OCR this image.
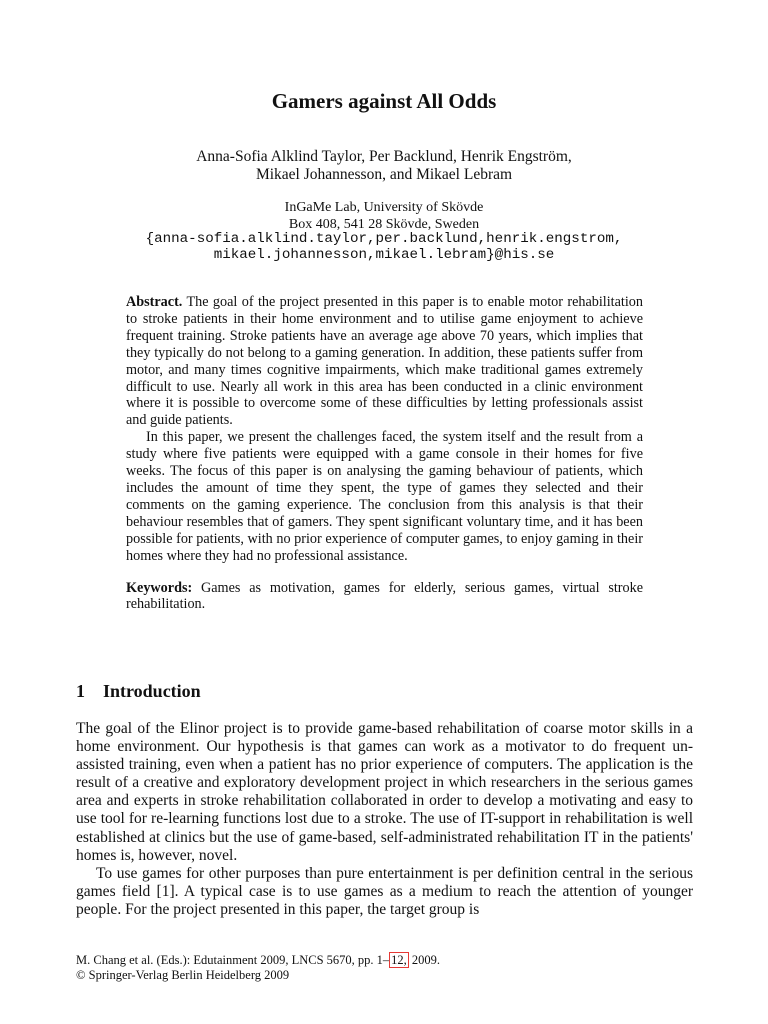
Gamers against All Odds
Anna-Sofia Alklind Taylor, Per Backlund, Henrik Engström,
Mikael Johannesson, and Mikael Lebram
InGaMe Lab, University of Skövde
Box 408, 541 28 Skövde, Sweden
{anna-sofia.alklind.taylor,per.backlund,henrik.engstrom,
mikael.johannesson,mikael.lebram}@his.se

Abstract. The goal of the project presented in this paper is to enable motor rehabilitation to stroke patients in their home environment and to utilise game enjoyment to achieve frequent training. Stroke patients have an average age above 70 years, which implies that they typically do not belong to a gaming generation. In addition, these patients suffer from motor, and many times cognitive impairments, which make traditional games extremely difficult to use. Nearly all work in this area has been conducted in a clinic environment where it is possible to overcome some of these difficulties by letting professionals assist and guide patients.

In this paper, we present the challenges faced, the system itself and the result from a study where five patients were equipped with a game console in their homes for five weeks. The focus of this paper is on analysing the gaming behaviour of patients, which includes the amount of time they spent, the type of games they selected and their comments on the gaming experience. The conclusion from this analysis is that their behaviour resembles that of gamers. They spent significant voluntary time, and it has been possible for patients, with no prior experience of computer games, to enjoy gaming in their homes where they had no professional assistance.

Keywords: Games as motivation, games for elderly, serious games, virtual stroke rehabilitation.

1 Introduction

The goal of the Elinor project is to provide game-based rehabilitation of coarse motor skills in a home environment. Our hypothesis is that games can work as a motivator to do frequent un-assisted training, even when a patient has no prior experience of computers. The application is the result of a creative and exploratory development project in which researchers in the serious games area and experts in stroke rehabilitation collaborated in order to develop a motivating and easy to use tool for re-learning functions lost due to a stroke. The use of IT-support in rehabilitation is well established at clinics but the use of game-based, self-administrated rehabilitation IT in the patients' homes is, however, novel.

To use games for other purposes than pure entertainment is per definition central in the serious games field [1]. A typical case is to use games as a medium to reach the attention of younger people. For the project presented in this paper, the target group is

M. Chang et al. (Eds.): Edutainment 2009, LNCS 5670, pp. 1– 12, 2009.
© Springer-Verlag Berlin Heidelberg 2009
